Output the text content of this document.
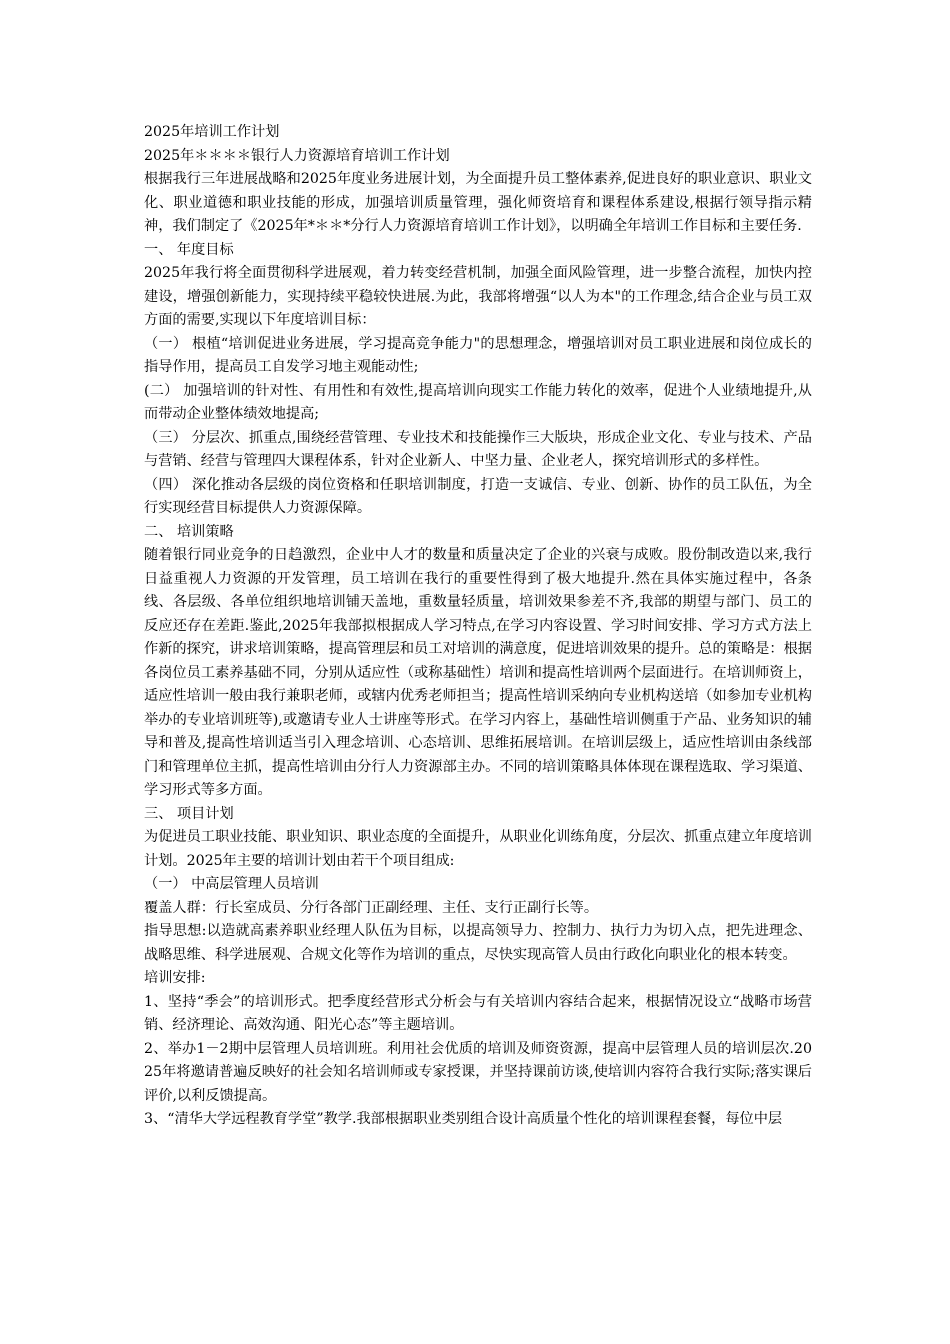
2025年培训工作计划

2025年＊＊＊＊银行人力资源培育培训工作计划

根据我行三年进展战略和2025年度业务进展计划，为全面提升员工整体素养,促进良好的职业意识、职业文化、职业道德和职业技能的形成，加强培训质量管理，强化师资培育和课程体系建设,根据行领导指示精神，我们制定了《2025年*＊＊*分行人力资源培育培训工作计划》，以明确全年培训工作目标和主要任务.

一、 年度目标

2025年我行将全面贯彻科学进展观，着力转变经营机制，加强全面风险管理，进一步整合流程，加快内控建设，增强创新能力，实现持续平稳较快进展.为此，我部将增强“以人为本"的工作理念,结合企业与员工双方面的需要,实现以下年度培训目标：

（一） 根植“培训促进业务进展，学习提高竞争能力"的思想理念，增强培训对员工职业进展和岗位成长的指导作用，提高员工自发学习地主观能动性;

(二） 加强培训的针对性、有用性和有效性,提高培训向现实工作能力转化的效率，促进个人业绩地提升,从而带动企业整体绩效地提高;

（三） 分层次、抓重点,围绕经营管理、专业技术和技能操作三大版块，形成企业文化、专业与技术、产品与营销、经营与管理四大课程体系，针对企业新人、中坚力量、企业老人，探究培训形式的多样性。

（四） 深化推动各层级的岗位资格和任职培训制度，打造一支诚信、专业、创新、协作的员工队伍，为全行实现经营目标提供人力资源保障。

二、 培训策略

随着银行同业竞争的日趋激烈，企业中人才的数量和质量决定了企业的兴衰与成败。股份制改造以来,我行日益重视人力资源的开发管理，员工培训在我行的重要性得到了极大地提升.然在具体实施过程中，各条线、各层级、各单位组织地培训铺天盖地，重数量轻质量，培训效果参差不齐,我部的期望与部门、员工的反应还存在差距.鉴此,2025年我部拟根据成人学习特点,在学习内容设置、学习时间安排、学习方式方法上作新的探究，讲求培训策略，提高管理层和员工对培训的满意度，促进培训效果的提升。总的策略是：根据各岗位员工素养基础不同，分别从适应性（或称基础性）培训和提高性培训两个层面进行。在培训师资上，适应性培训一般由我行兼职老师，或辖内优秀老师担当；提高性培训采纳向专业机构送培（如参加专业机构举办的专业培训班等),或邀请专业人士讲座等形式。在学习内容上，基础性培训侧重于产品、业务知识的辅导和普及,提高性培训适当引入理念培训、心态培训、思维拓展培训。在培训层级上，适应性培训由条线部门和管理单位主抓，提高性培训由分行人力资源部主办。不同的培训策略具体体现在课程选取、学习渠道、学习形式等多方面。

三、 项目计划

为促进员工职业技能、职业知识、职业态度的全面提升，从职业化训练角度，分层次、抓重点建立年度培训计划。2025年主要的培训计划由若干个项目组成:

（一） 中高层管理人员培训

覆盖人群：行长室成员、分行各部门正副经理、主任、支行正副行长等。

指导思想:以造就高素养职业经理人队伍为目标，以提高领导力、控制力、执行力为切入点，把先进理念、战略思维、科学进展观、合规文化等作为培训的重点，尽快实现高管人员由行政化向职业化的根本转变。

培训安排:

1、坚持“季会”的培训形式。把季度经营形式分析会与有关培训内容结合起来，根据情况设立“战略市场营销、经济理论、高效沟通、阳光心态”等主题培训。

2、举办1－2期中层管理人员培训班。利用社会优质的培训及师资资源，提高中层管理人员的培训层次.2025年将邀请普遍反映好的社会知名培训师或专家授课，并坚持课前访谈,使培训内容符合我行实际;落实课后评价,以利反馈提高。

3、“清华大学远程教育学堂”教学.我部根据职业类别组合设计高质量个性化的培训课程套餐，每位中层
